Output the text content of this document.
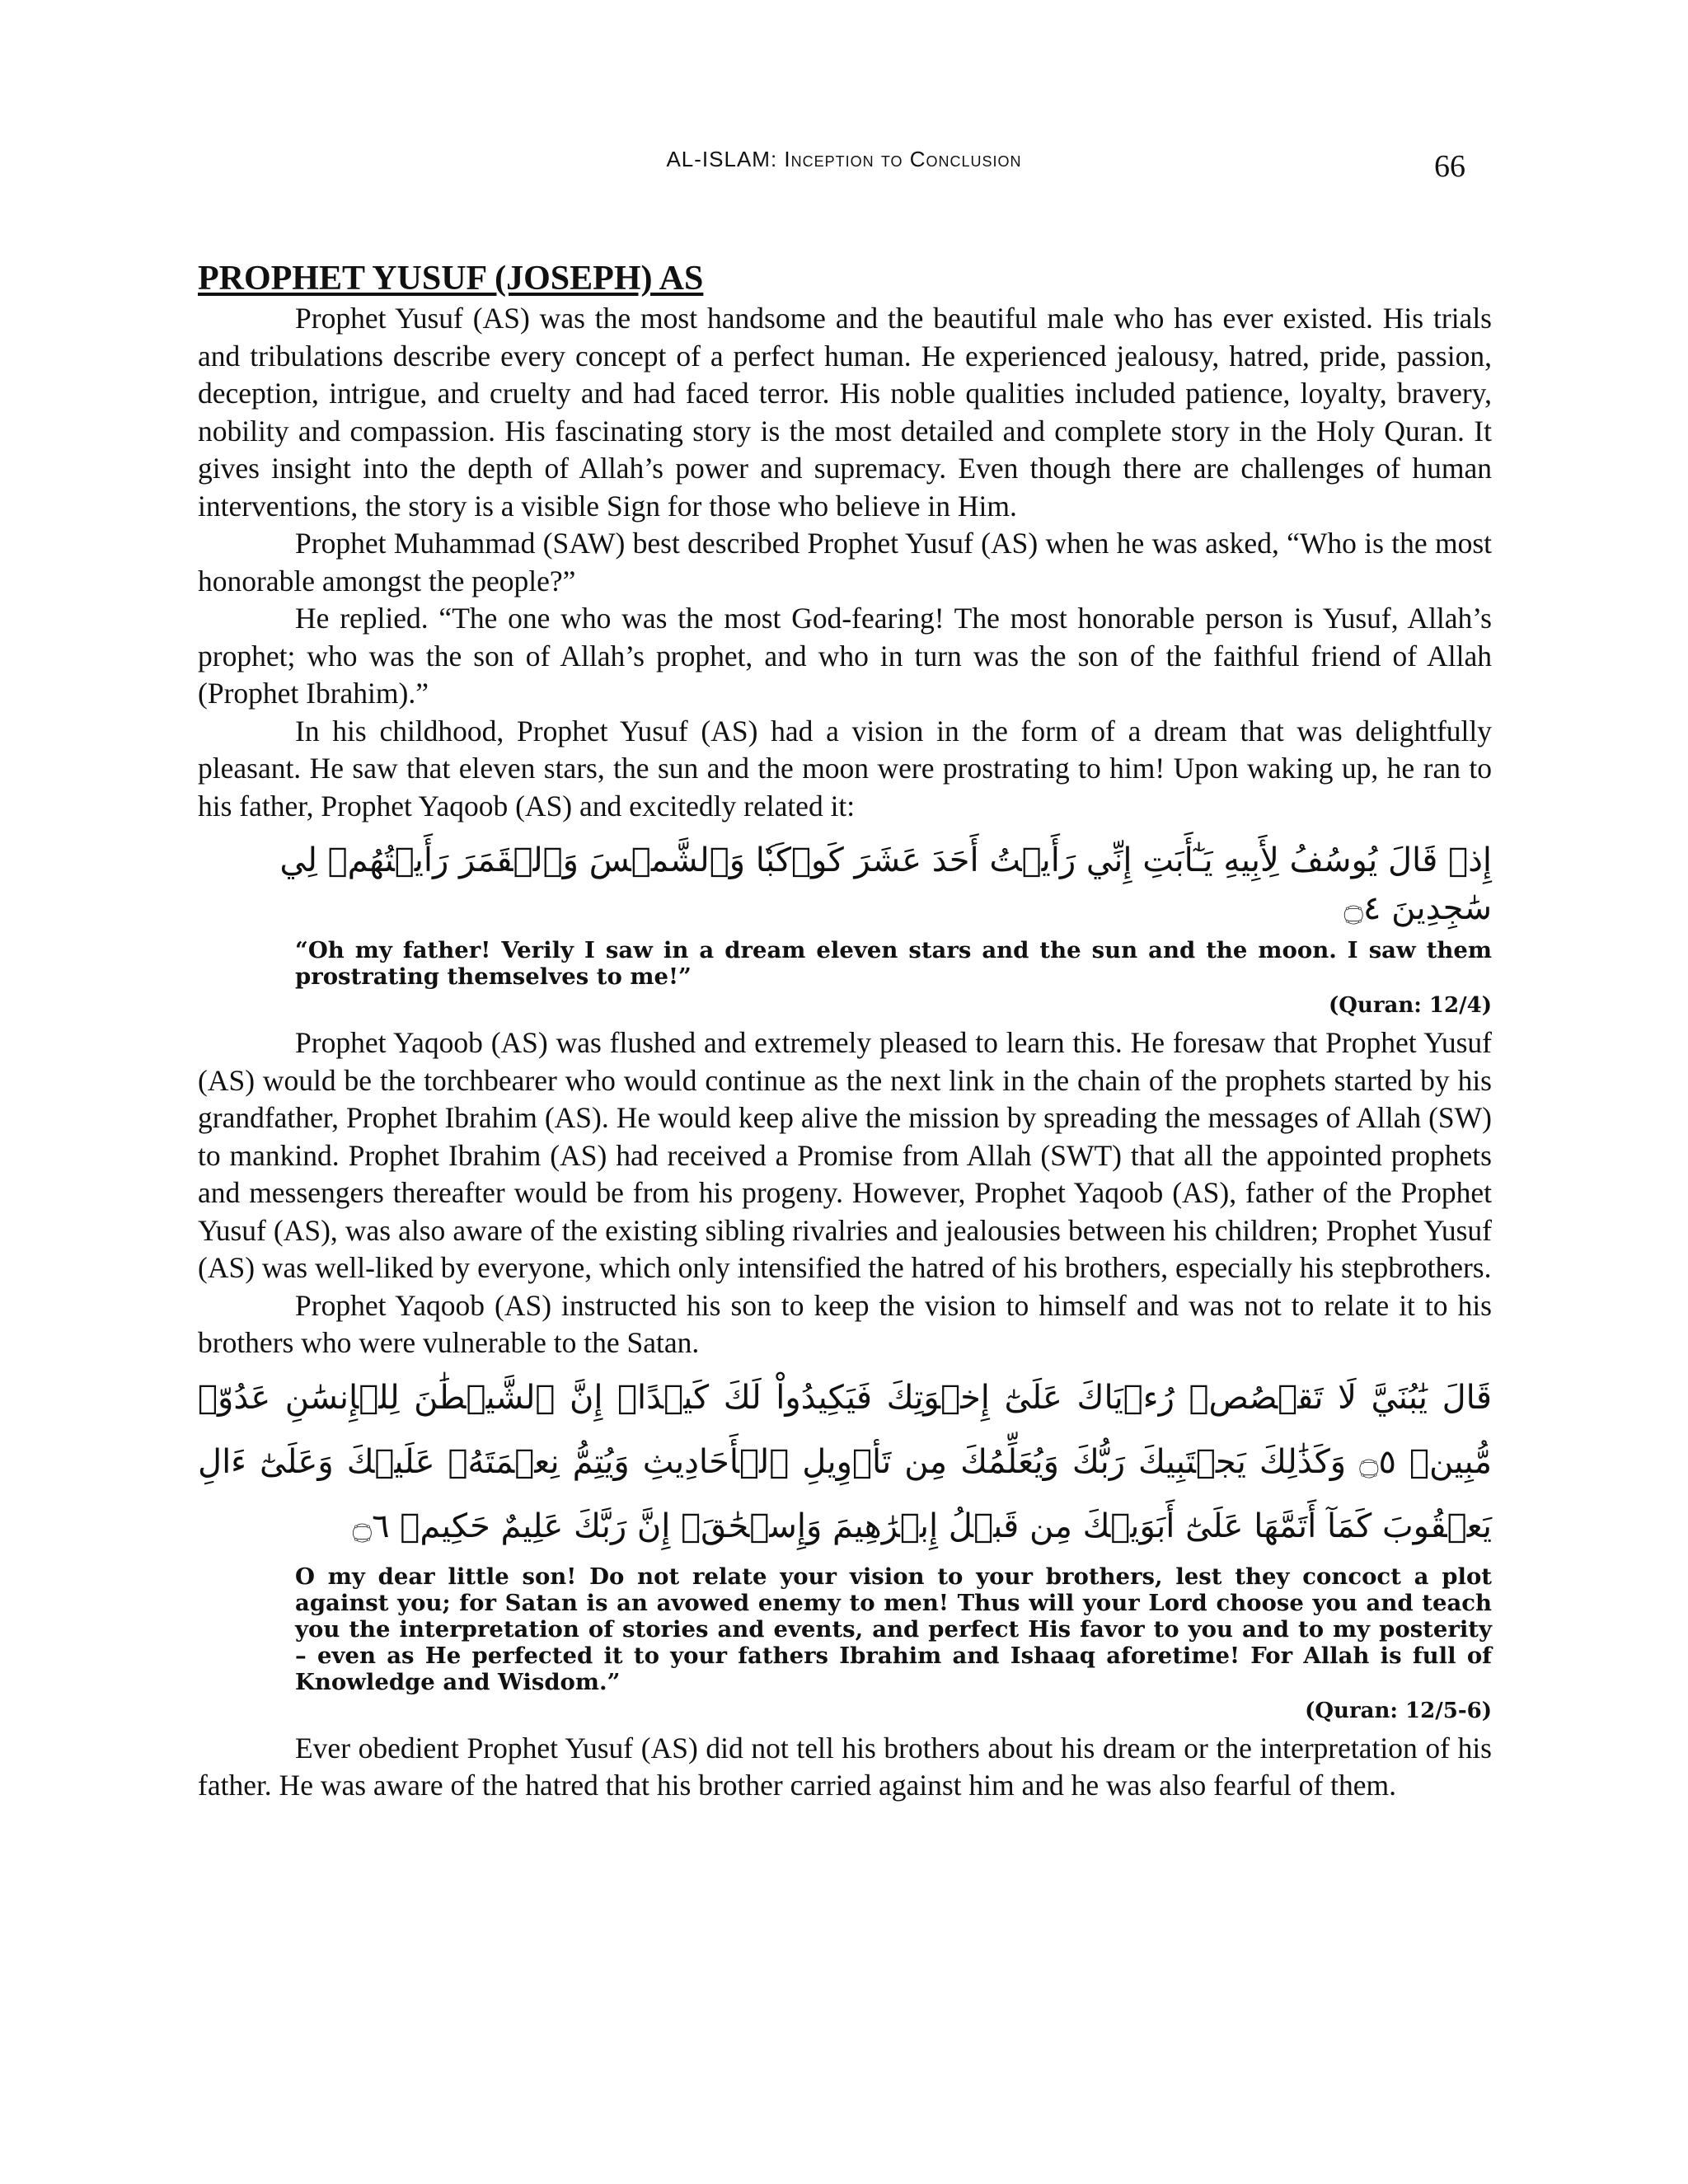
AL-ISLAM: Inception to Conclusion	66
PROPHET YUSUF (JOSEPH) AS

Prophet Yusuf (AS) was the most handsome and the beautiful male who has ever existed. His trials and tribulations describe every concept of a perfect human. He experienced jealousy, hatred, pride, passion, deception, intrigue, and cruelty and had faced terror. His noble qualities included patience, loyalty, bravery, nobility and compassion. His fascinating story is the most detailed and complete story in the Holy Quran. It gives insight into the depth of Allah’s power and supremacy. Even though there are challenges of human interventions, the story is a visible Sign for those who believe in Him.

Prophet Muhammad (SAW) best described Prophet Yusuf (AS) when he was asked, “Who is the most honorable amongst the people?”

He replied. “The one who was the most God-fearing! The most honorable person is Yusuf, Allah’s prophet; who was the son of Allah’s prophet, and who in turn was the son of the faithful friend of Allah (Prophet Ibrahim).”

In his childhood, Prophet Yusuf (AS) had a vision in the form of a dream that was delightfully pleasant. He saw that eleven stars, the sun and the moon were prostrating to him! Upon waking up, he ran to his father, Prophet Yaqoob (AS) and excitedly related it:

إِذۡ قَالَ يُوسُفُ لِأَبِيهِ يَـٰٓأَبَتِ إِنِّي رَأَيۡتُ أَحَدَ عَشَرَ كَوۡكَبٗا وَٱلشَّمۡسَ وَٱلۡقَمَرَ رَأَيۡتُهُمۡ لِي سَٰجِدِينَ ۝٤

“Oh my father! Verily I saw in a dream eleven stars and the sun and the moon. I saw them prostrating themselves to me!”

(Quran: 12/4)

Prophet Yaqoob (AS) was flushed and extremely pleased to learn this. He foresaw that Prophet Yusuf (AS) would be the torchbearer who would continue as the next link in the chain of the prophets started by his grandfather, Prophet Ibrahim (AS). He would keep alive the mission by spreading the messages of Allah (SW) to mankind. Prophet Ibrahim (AS) had received a Promise from Allah (SWT) that all the appointed prophets and messengers thereafter would be from his progeny. However, Prophet Yaqoob (AS), father of the Prophet Yusuf (AS), was also aware of the existing sibling rivalries and jealousies between his children; Prophet Yusuf (AS) was well-liked by everyone, which only intensified the hatred of his brothers, especially his stepbrothers.

Prophet Yaqoob (AS) instructed his son to keep the vision to himself and was not to relate it to his brothers who were vulnerable to the Satan.

قَالَ يَٰبُنَيَّ لَا تَقۡصُصۡ رُءۡيَاكَ عَلَىٰٓ إِخۡوَتِكَ فَيَكِيدُواْ لَكَ كَيۡدًاۖ إِنَّ ٱلشَّيۡطَٰنَ لِلۡإِنسَٰنِ عَدُوّٞ مُّبِينٞ ۝٥ وَكَذَٰلِكَ يَجۡتَبِيكَ رَبُّكَ وَيُعَلِّمُكَ مِن تَأۡوِيلِ ٱلۡأَحَادِيثِ وَيُتِمُّ نِعۡمَتَهُۥ عَلَيۡكَ وَعَلَىٰٓ ءَالِ يَعۡقُوبَ كَمَآ أَتَمَّهَا عَلَىٰٓ أَبَوَيۡكَ مِن قَبۡلُ إِبۡرَٰهِيمَ وَإِسۡحَٰقَۚ إِنَّ رَبَّكَ عَلِيمٌ حَكِيمٞ ۝٦

O my dear little son! Do not relate your vision to your brothers, lest they concoct a plot against you; for Satan is an avowed enemy to men! Thus will your Lord choose you and teach you the interpretation of stories and events, and perfect His favor to you and to my posterity – even as He perfected it to your fathers Ibrahim and Ishaaq aforetime! For Allah is full of Knowledge and Wisdom.”

(Quran: 12/5-6)

Ever obedient Prophet Yusuf (AS) did not tell his brothers about his dream or the interpretation of his father. He was aware of the hatred that his brother carried against him and he was also fearful of them.
